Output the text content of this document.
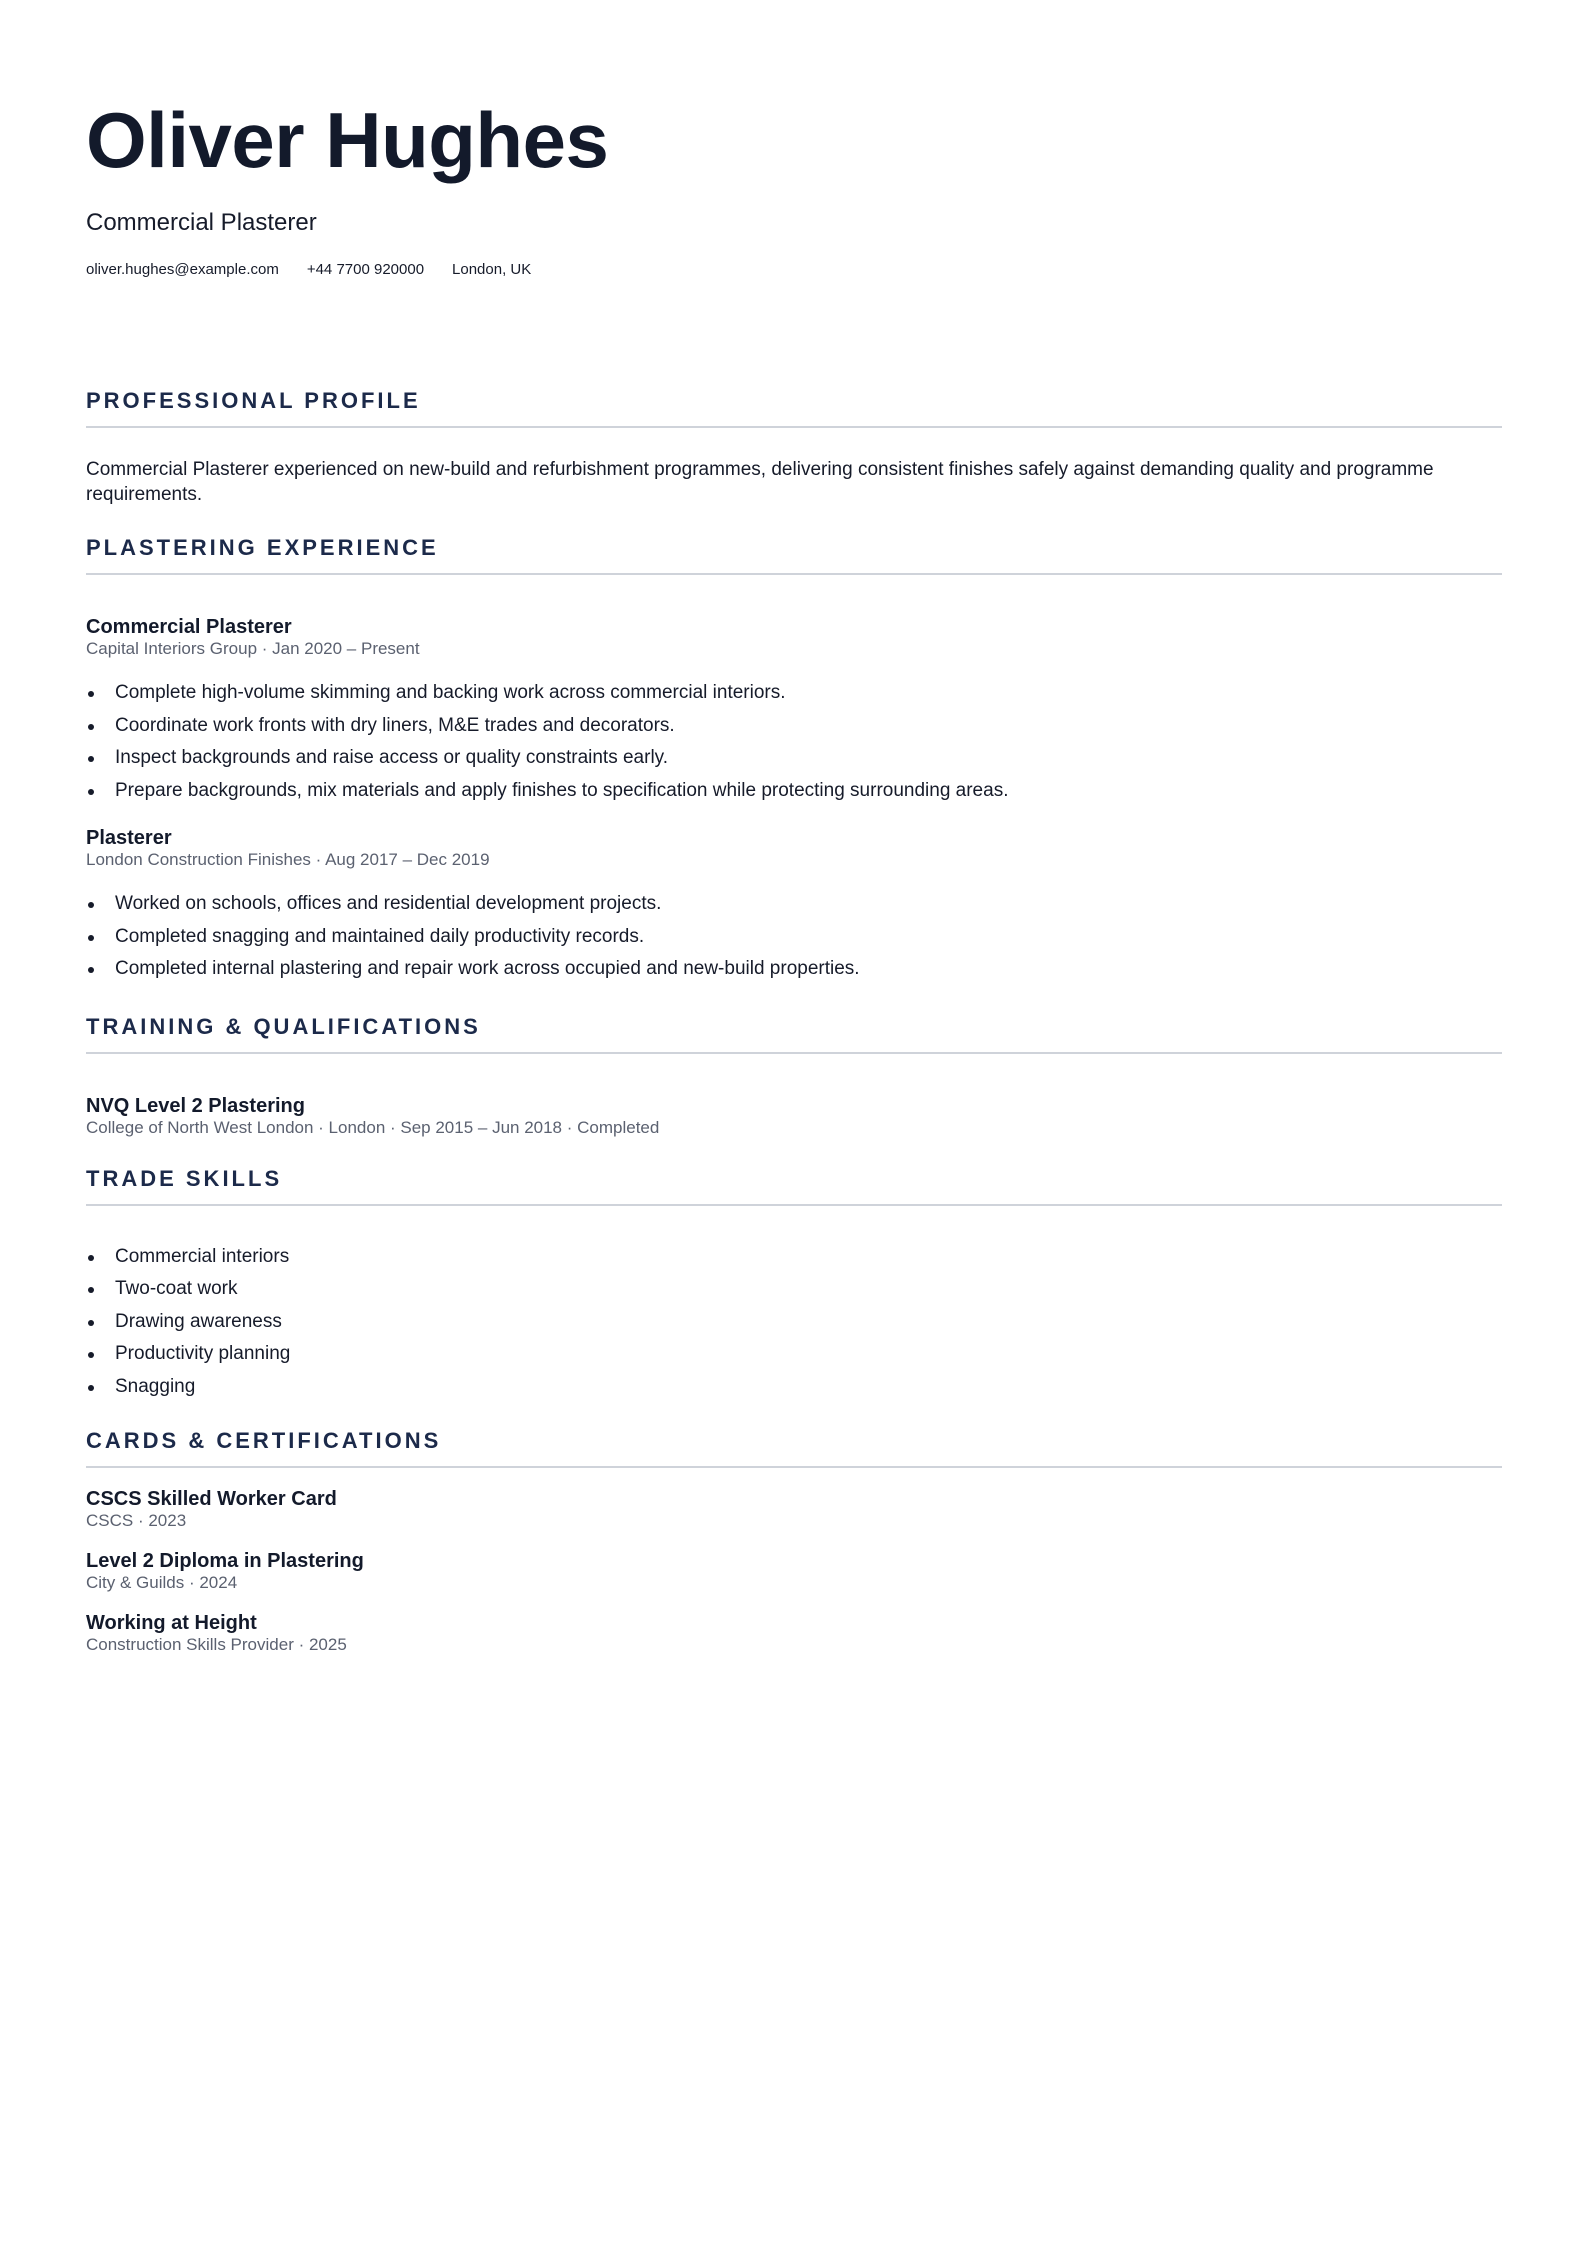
Oliver Hughes

Commercial Plasterer

oliver.hughes@example.com +44 7700 920000 London, UK
PROFESSIONAL PROFILE

Commercial Plasterer experienced on new-build and refurbishment programmes, delivering consistent finishes safely against demanding quality and programme requirements.

PLASTERING EXPERIENCE

Commercial Plasterer

Capital Interiors Group · Jan 2020 – Present

Complete high-volume skimming and backing work across commercial interiors.
Coordinate work fronts with dry liners, M&E trades and decorators.
Inspect backgrounds and raise access or quality constraints early.
Prepare backgrounds, mix materials and apply finishes to specification while protecting surrounding areas.

Plasterer

London Construction Finishes · Aug 2017 – Dec 2019

Worked on schools, offices and residential development projects.
Completed snagging and maintained daily productivity records.
Completed internal plastering and repair work across occupied and new-build properties.
TRAINING & QUALIFICATIONS

NVQ Level 2 Plastering

College of North West London · London · Sep 2015 – Jun 2018 · Completed

TRADE SKILLS
Commercial interiors
Two-coat work
Drawing awareness
Productivity planning
Snagging
CARDS & CERTIFICATIONS

CSCS Skilled Worker Card

CSCS · 2023

Level 2 Diploma in Plastering

City & Guilds · 2024

Working at Height

Construction Skills Provider · 2025
